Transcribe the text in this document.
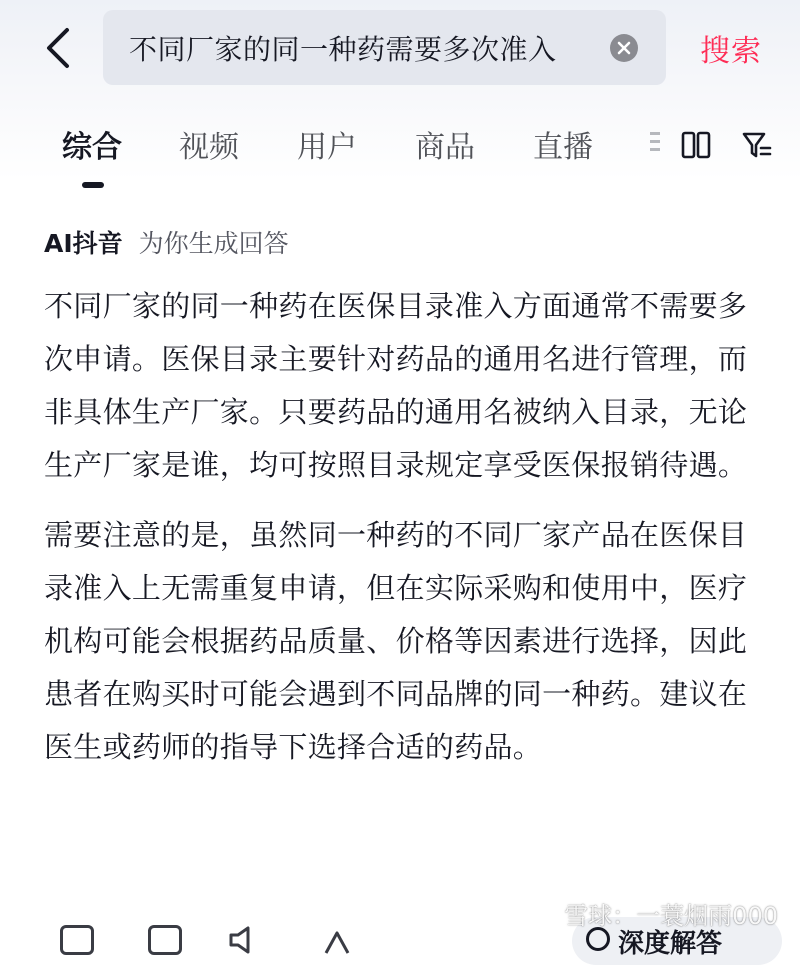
不同厂家的同一种药需要多次准入	搜索
综合 视频 用户 商品 直播
AI抖音 为你生成回答

不同厂家的同一种药在医保目录准入方面通常不需要多次申请。医保目录主要针对药品的通用名进行管理，而非具体生产厂家。只要药品的通用名被纳入目录，无论生产厂家是谁，均可按照目录规定享受医保报销待遇。

需要注意的是，虽然同一种药的不同厂家产品在医保目录准入上无需重复申请，但在实际采购和使用中，医疗机构可能会根据药品质量、价格等因素进行选择，因此患者在购买时可能会遇到不同品牌的同一种药。建议在医生或药师的指导下选择合适的药品。

深度解答
雪球：一蓑烟雨000
